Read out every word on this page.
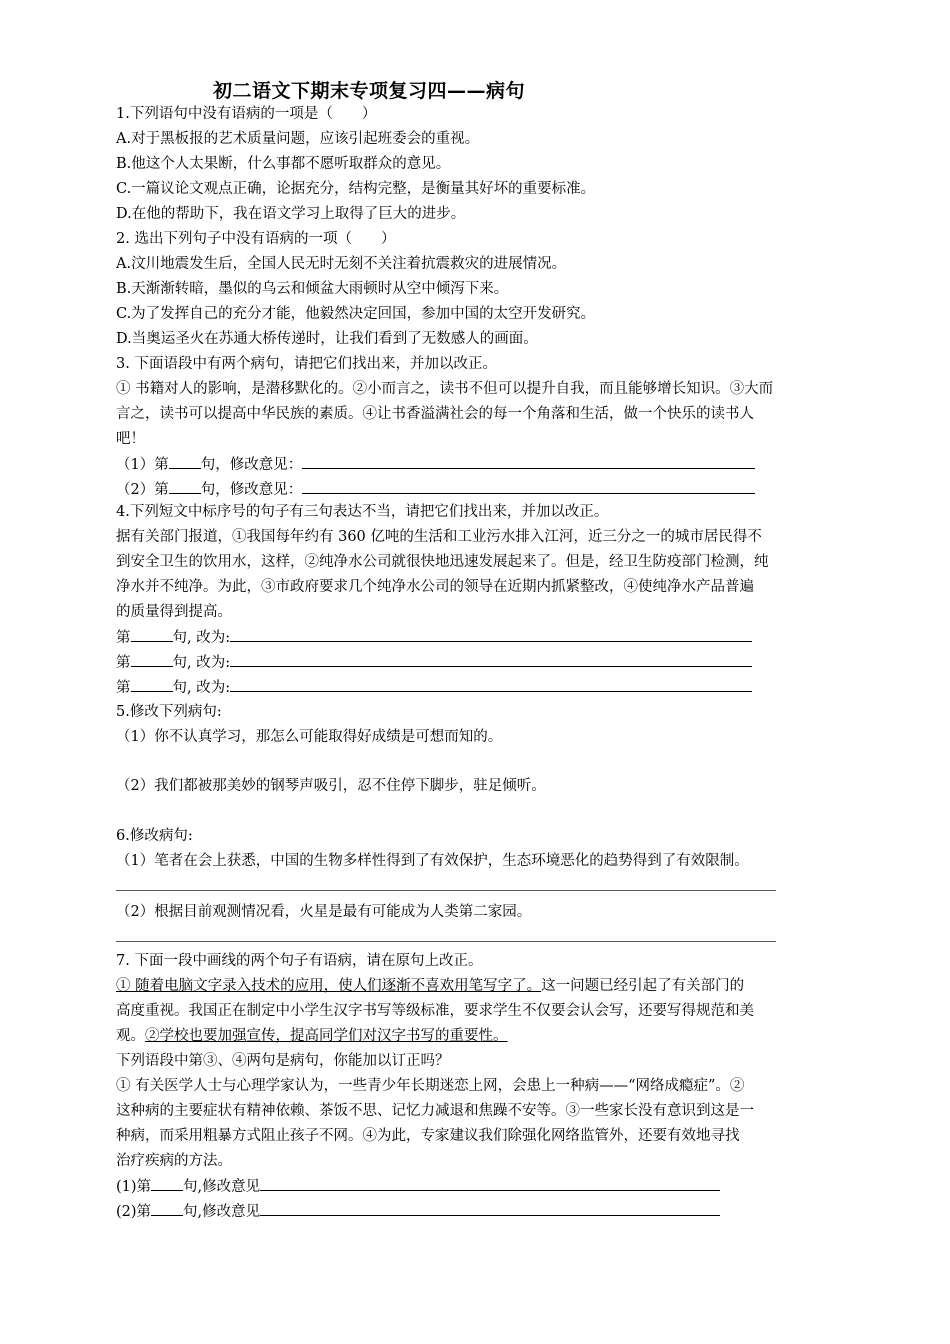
初二语文下期末专项复习四——病句
1.下列语句中没有语病的一项是（　　）
A.对于黑板报的艺术质量问题，应该引起班委会的重视。
B.他这个人太果断，什么事都不愿听取群众的意见。
C.一篇议论文观点正确，论据充分，结构完整，是衡量其好坏的重要标准。
D.在他的帮助下，我在语文学习上取得了巨大的进步。
2. 选出下列句子中没有语病的一项（　　）
A.汶川地震发生后，全国人民无时无刻不关注着抗震救灾的进展情况。
B.天渐渐转暗，墨似的乌云和倾盆大雨顿时从空中倾泻下来。
C.为了发挥自己的充分才能，他毅然决定回国，参加中国的太空开发研究。
D.当奥运圣火在苏通大桥传递时，让我们看到了无数感人的画面。
3. 下面语段中有两个病句，请把它们找出来，并加以改正。
① 书籍对人的影响，是潜移默化的。②小而言之，读书不但可以提升自我，而且能够增长知识。③大而
言之，读书可以提高中华民族的素质。④让书香溢满社会的每一个角落和生活，做一个快乐的读书人
吧！
（1）第 句，修改意见：
（2）第 句，修改意见：
4.下列短文中标序号的句子有三句表达不当，请把它们找出来，并加以改正。
据有关部门报道，①我国每年约有 360 亿吨的生活和工业污水排入江河，近三分之一的城市居民得不
到安全卫生的饮用水，这样，②纯净水公司就很快地迅速发展起来了。但是，经卫生防疫部门检测，纯
净水并不纯净。为此，③市政府要求几个纯净水公司的领导在近期内抓紧整改，④使纯净水产品普遍
的质量得到提高。
第	句, 改为:
第	句, 改为:
第	句, 改为:
5.修改下列病句:
（1）你不认真学习，那怎么可能取得好成绩是可想而知的。
（2）我们都被那美妙的钢琴声吸引，忍不住停下脚步，驻足倾听。
6.修改病句:
（1）笔者在会上获悉，中国的生物多样性得到了有效保护，生态环境恶化的趋势得到了有效限制。
（2）根据目前观测情况看，火星是最有可能成为人类第二家园。
7. 下面一段中画线的两个句子有语病，请在原句上改正。
① 随着电脑文字录入技术的应用，使人们逐渐不喜欢用笔写字了。这一问题已经引起了有关部门的
高度重视。我国正在制定中小学生汉字书写等级标准，要求学生不仅要会认会写，还要写得规范和美
观。②学校也要加强宣传，提高同学们对汉字书写的重要性。
下列语段中第③、④两句是病句，你能加以订正吗？
① 有关医学人士与心理学家认为，一些青少年长期迷恋上网，会患上一种病——“网络成瘾症”。②
这种病的主要症状有精神依赖、茶饭不思、记忆力减退和焦躁不安等。③一些家长没有意识到这是一
种病，而采用粗暴方式阻止孩子不网。④为此，专家建议我们除强化网络监管外，还要有效地寻找
治疗疾病的方法。
(1)第 句,修改意见
(2)第 句,修改意见
